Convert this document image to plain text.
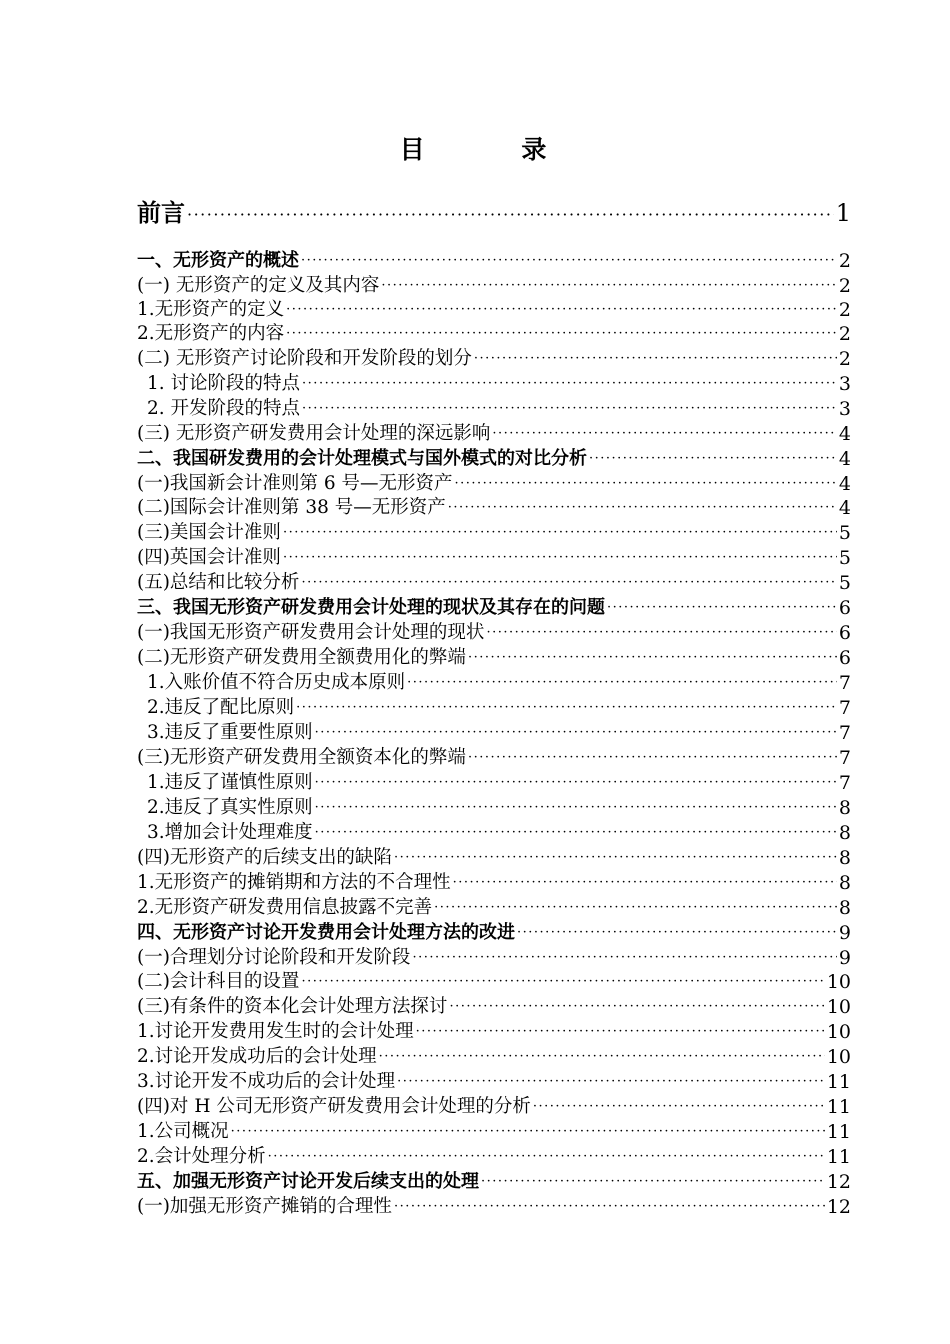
目 录
前言 ·····	1
一、无形资产的概述 ·····	2
(一) 无形资产的定义及其内容 ·····	2
1.无形资产的定义 ·····	2
2.无形资产的内容 ·····	2
(二) 无形资产讨论阶段和开发阶段的划分 ·····	2
1. 讨论阶段的特点 ·····	3
2. 开发阶段的特点 ·····	3
(三) 无形资产研发费用会计处理的深远影响 ·····	4
二、我国研发费用的会计处理模式与国外模式的对比分析 ·····	4
(一)我国新会计准则第 6 号—无形资产 ·····	4
(二)国际会计准则第 38 号—无形资产 ·····	4
(三)美国会计准则 ·····	5
(四)英国会计准则 ·····	5
(五)总结和比较分析 ·····	5
三、我国无形资产研发费用会计处理的现状及其存在的问题 ·····	6
(一)我国无形资产研发费用会计处理的现状 ·····	6
(二)无形资产研发费用全额费用化的弊端 ·····	6
1.入账价值不符合历史成本原则 ·····	7
2.违反了配比原则 ·····	7
3.违反了重要性原则 ·····	7
(三)无形资产研发费用全额资本化的弊端 ·····	7
1.违反了谨慎性原则 ·····	7
2.违反了真实性原则 ·····	8
3.增加会计处理难度 ·····	8
(四)无形资产的后续支出的缺陷 ·····	8
1.无形资产的摊销期和方法的不合理性 ·····	8
2.无形资产研发费用信息披露不完善 ·····	8
四、无形资产讨论开发费用会计处理方法的改进 ·····	9
(一)合理划分讨论阶段和开发阶段 ·····	9
(二)会计科目的设置 ·····	10
(三)有条件的资本化会计处理方法探讨 ·····	10
1.讨论开发费用发生时的会计处理 ·····	10
2.讨论开发成功后的会计处理 ·····	10
3.讨论开发不成功后的会计处理 ·····	11
(四)对 H 公司无形资产研发费用会计处理的分析 ·····	11
1.公司概况 ·····	11
2.会计处理分析 ·····	11
五、加强无形资产讨论开发后续支出的处理 ·····	12
(一)加强无形资产摊销的合理性 ·····	12
